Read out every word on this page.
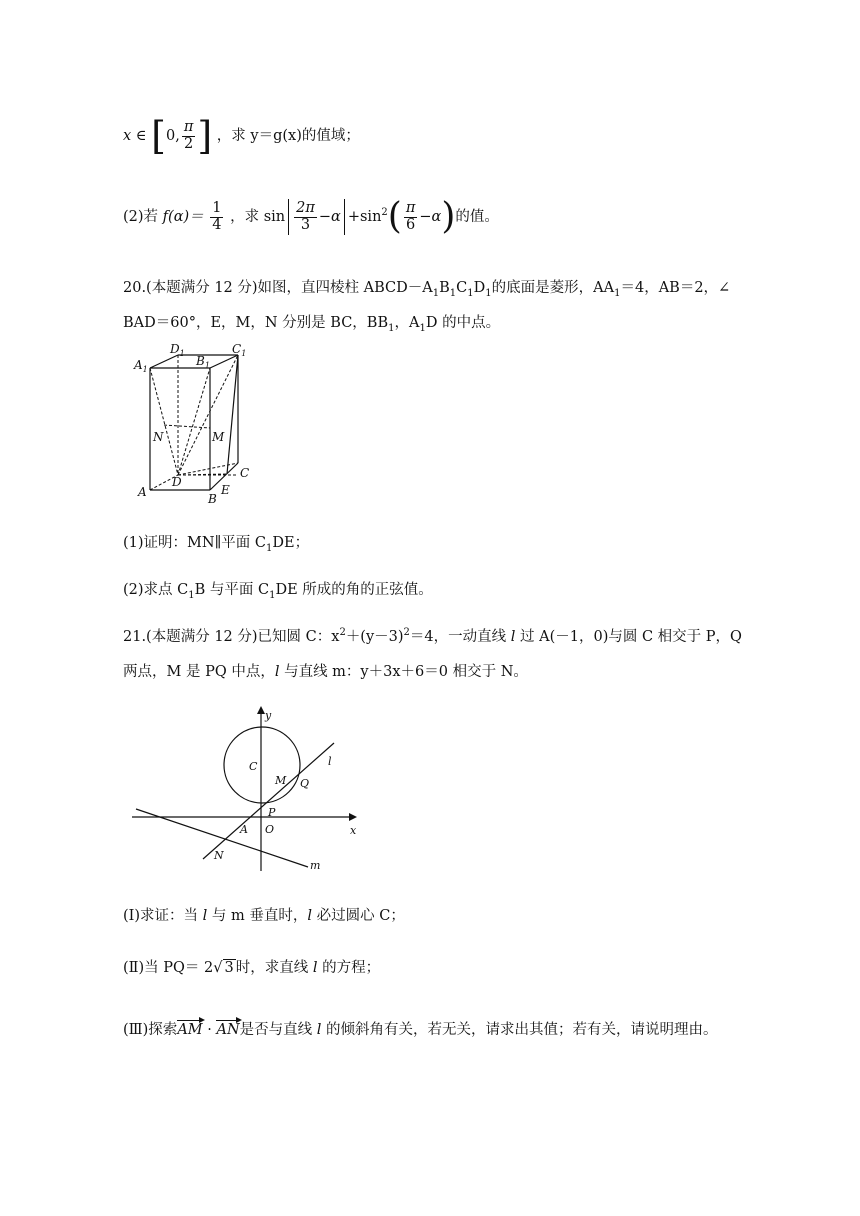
x ∈ [0, $\frac{\pi}{2}$ ] ，求 y＝g(x)的值域；
(2)若 $f(\alpha)= \frac{1}{4}$ ，求 $\sin \frac{2\pi}{3} -\alpha +\sin^2( \frac{\pi}{6} -\alpha)$的值。
20.(本题满分 12 分)如图，直四棱柱 $ABCD-A_1B_1C_1D_1$的底面是菱形，$AA_1=4$，AB＝2，∠
BAD＝60°，E，M，N 分别是 BC，$BB_1$，$A_1D$ 的中点。
$D_1$	$C_1$
$A_1$
$B_1$
N	M
D
C
A	E
B
(1)证明：MN∥平面 $C_1DE$；
(2)求点 $C_1B$ 与平面 $C_1DE$ 所成的角的正弦值。
21.(本题满分 12 分)已知圆 C：$x^2+(y-3)^2=4$，一动直线 l 过 A(－1，0)与圆 C 相交于 P，Q
两点，M 是 PQ 中点，l 与直线 m：y＋3x＋6＝0 相交于 N。
y
C
M Q
l
P
A O	x
N
m
(Ⅰ)求证：当 l 与 m 垂直时，l 必过圆心 C；
(Ⅱ)当 PQ＝ 2√ 3 时，求直线 l 的方程；
(Ⅲ)探索AM · AN是否与直线 l 的倾斜角有关，若无关，请求出其值；若有关，请说明理由。
